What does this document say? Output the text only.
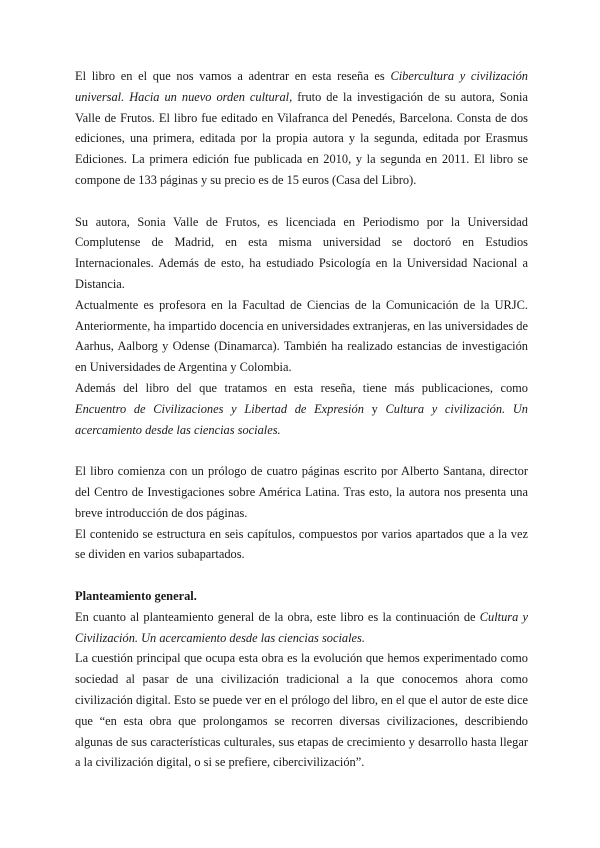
El libro en el que nos vamos a adentrar en esta reseña es Cibercultura y civilización universal. Hacia un nuevo orden cultural, fruto de la investigación de su autora, Sonia Valle de Frutos. El libro fue editado en Vilafranca del Penedés, Barcelona. Consta de dos ediciones, una primera, editada por la propia autora y la segunda, editada por Erasmus Ediciones. La primera edición fue publicada en 2010, y la segunda en 2011. El libro se compone de 133 páginas y su precio es de 15 euros (Casa del Libro).

Su autora, Sonia Valle de Frutos, es licenciada en Periodismo por la Universidad Complutense de Madrid, en esta misma universidad se doctoró en Estudios Internacionales. Además de esto, ha estudiado Psicología en la Universidad Nacional a Distancia.

Actualmente es profesora en la Facultad de Ciencias de la Comunicación de la URJC. Anteriormente, ha impartido docencia en universidades extranjeras, en las universidades de Aarhus, Aalborg y Odense (Dinamarca). También ha realizado estancias de investigación en Universidades de Argentina y Colombia.

Además del libro del que tratamos en esta reseña, tiene más publicaciones, como Encuentro de Civilizaciones y Libertad de Expresión y Cultura y civilización. Un acercamiento desde las ciencias sociales.

El libro comienza con un prólogo de cuatro páginas escrito por Alberto Santana, director del Centro de Investigaciones sobre América Latina. Tras esto, la autora nos presenta una breve introducción de dos páginas.

El contenido se estructura en seis capítulos, compuestos por varios apartados que a la vez se dividen en varios subapartados.

Planteamiento general.

En cuanto al planteamiento general de la obra, este libro es la continuación de Cultura y Civilización. Un acercamiento desde las ciencias sociales.

La cuestión principal que ocupa esta obra es la evolución que hemos experimentado como sociedad al pasar de una civilización tradicional a la que conocemos ahora como civilización digital. Esto se puede ver en el prólogo del libro, en el que el autor de este dice que “en esta obra que prolongamos se recorren diversas civilizaciones, describiendo algunas de sus características culturales, sus etapas de crecimiento y desarrollo hasta llegar a la civilización digital, o si se prefiere, cibercivilización”.
